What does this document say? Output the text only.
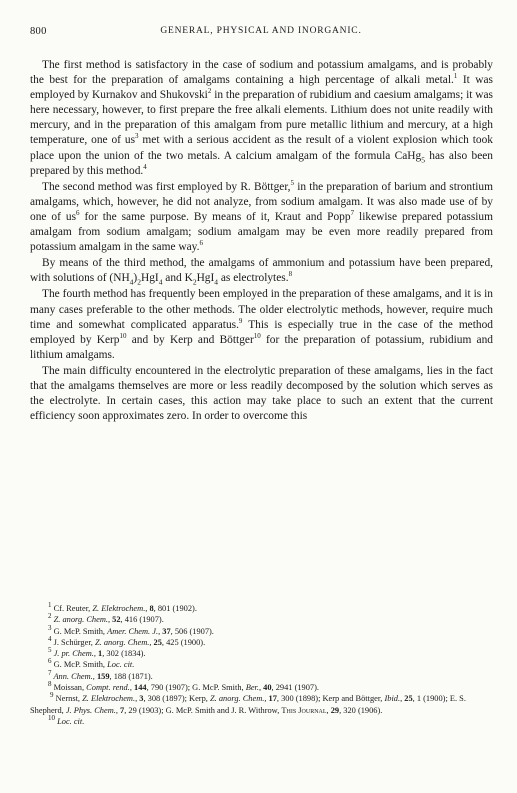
800	GENERAL, PHYSICAL AND INORGANIC.

The first method is satisfactory in the case of sodium and potassium amalgams, and is probably the best for the preparation of amalgams containing a high percentage of alkali metal.$^1$ It was employed by Kurnakov and Shukovski$^2$ in the preparation of rubidium and caesium amalgams; it was here necessary, however, to first prepare the free alkali elements. Lithium does not unite readily with mercury, and in the preparation of this amalgam from pure metallic lithium and mercury, at a high temperature, one of $us^3$ met with a serious accident as the result of a violent explosion which took place upon the union of the two metals. A calcium amalgam of the formula CaHg$_5$ has also been prepared by this method.$^4$

The second method was first employed by R. Böttger,$^5$ in the preparation of barium and strontium amalgams, which, however, he did not analyze, from sodium amalgam. It was also made use of by one of $us^6$ for the same purpose. By means of it, Kraut and Popp$^7$ likewise prepared potassium amalgam from sodium amalgam; sodium amalgam may be even more readily prepared from potassium amalgam in the same way.$^6$

By means of the third method, the amalgams of ammonium and potassium have been prepared, with solutions of $(NH_4)_2HgI_4$ and $K_2HgI_4$ as electrolytes.$^8$

The fourth method has frequently been employed in the preparation of these amalgams, and it is in many cases preferable to the other methods. The older electrolytic methods, however, require much time and somewhat complicated apparatus.$^9$ This is especially true in the case of the method employed by Kerp$^{10}$ and by Kerp and Böttger$^{10}$ for the preparation of potassium, rubidium and lithium amalgams.

The main difficulty encountered in the electrolytic preparation of these amalgams, lies in the fact that the amalgams themselves are more or less readily decomposed by the solution which serves as the electrolyte. In certain cases, this action may take place to such an extent that the current efficiency soon approximates zero. In order to overcome this

$^1$ Cf. Reuter, Z. Elektrochem., 8, 801 (1902).
$^2$ Z. anorg. Chem., 52, 416 (1907).
$^3$ G. McP. Smith, Amer. Chem. J., 37, 506 (1907).
$^4$ J. Schürger, Z. anorg. Chem., 25, 425 (1900).
$^5$ J. pr. Chem., 1, 302 (1834).
$^6$ G. McP. Smith, Loc. cit.
$^7$ Ann. Chem., 159, 188 (1871).
$^8$ Moissan, Compt. rend., 144, 790 (1907); G. McP. Smith, Ber., 40, 2941 (1907).
$^9$ Nernst, Z. Elektrochem., 3, 308 (1897); Kerp, Z. anorg. Chem., 17, 300 (1898); Kerp and Böttger, Ibid., 25, 1 (1900); E. S. Shepherd, J. Phys. Chem., 7, 29 (1903); G. McP. Smith and J. R. Withrow, This Journal, 29, 320 (1906).
$^{10}$ Loc. cit.
